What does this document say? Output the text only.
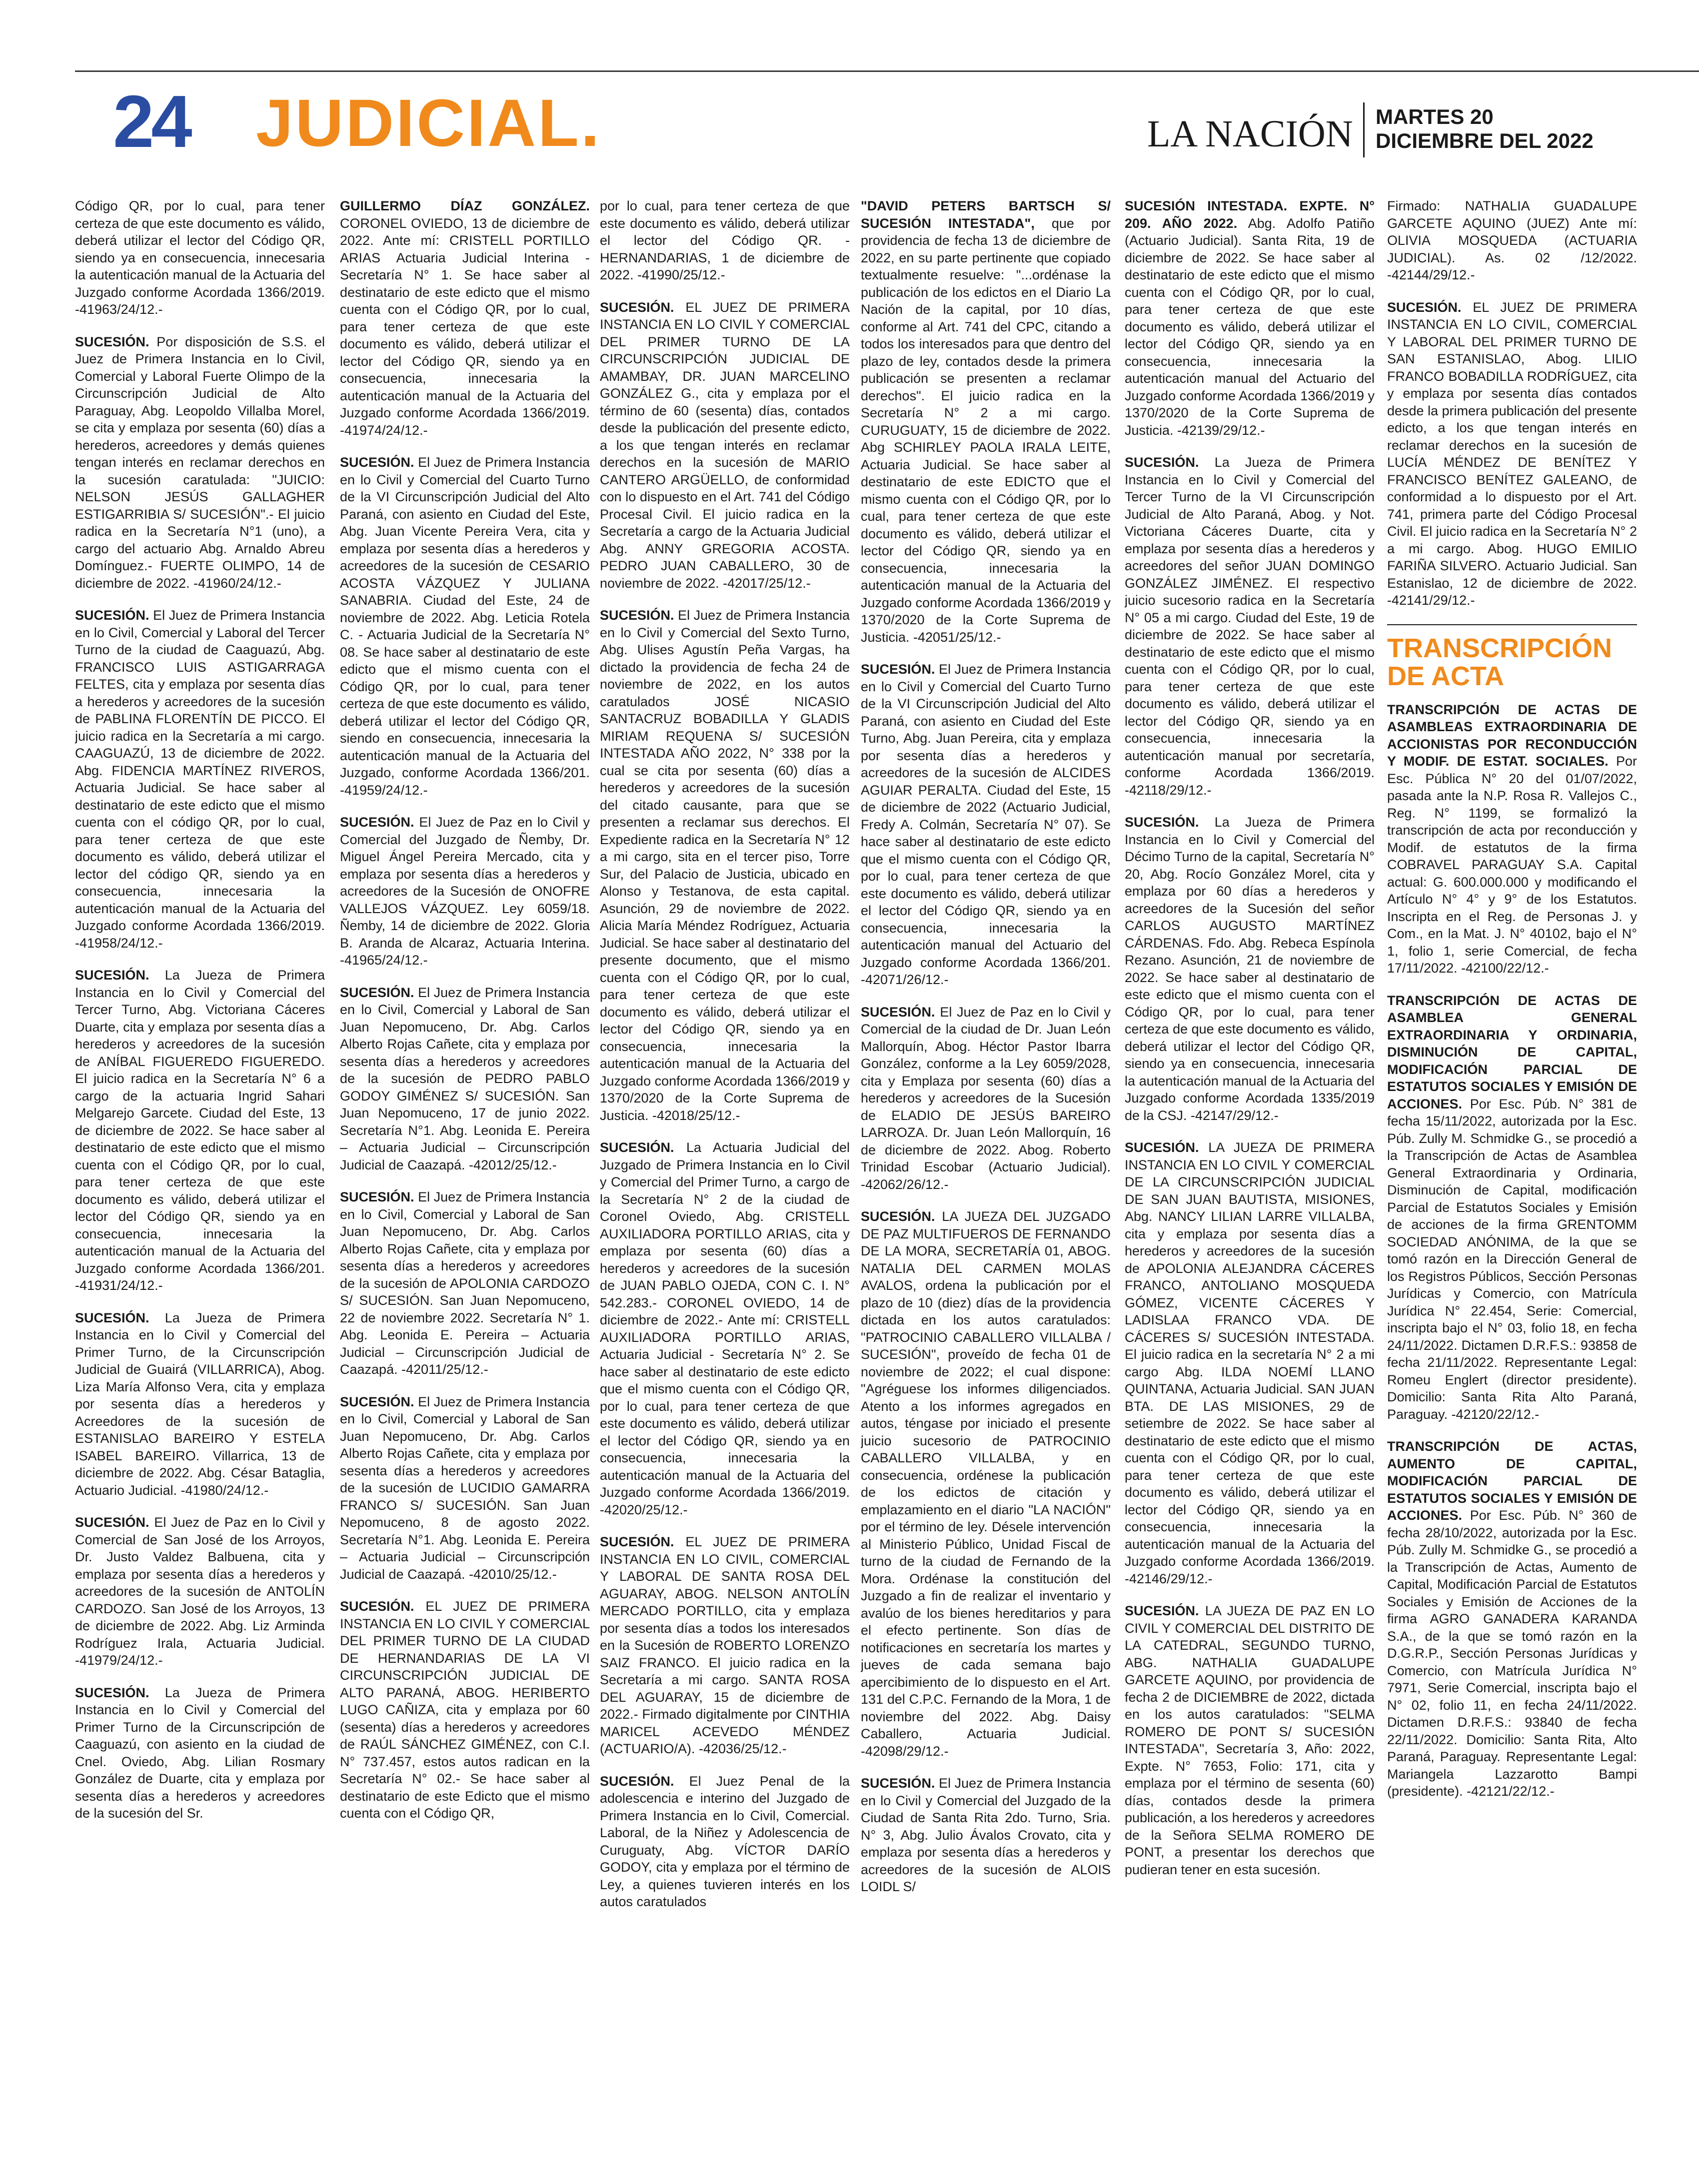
24 JUDICIAL.	LA NACIÓN MARTES 20
DICIEMBRE DEL 2022

Código QR, por lo cual, para tener certeza de que este documento es válido, deberá utilizar el lector del Código QR, siendo ya en consecuencia, innecesaria la autenticación manual de la Actuaria del Juzgado conforme Acordada 1366/2019. -41963/24/12.-

SUCESIÓN. Por disposición de S.S. el Juez de Primera Instancia en lo Civil, Comercial y Laboral Fuerte Olimpo de la Circunscripción Judicial de Alto Paraguay, Abg. Leopoldo Villalba Morel, se cita y emplaza por sesenta (60) días a herederos, acreedores y demás quienes tengan interés en reclamar derechos en la sucesión caratulada: "JUICIO: NELSON JESÚS GALLAGHER ESTIGARRIBIA S/ SUCESIÓN".- El juicio radica en la Secretaría N°1 (uno), a cargo del actuario Abg. Arnaldo Abreu Domínguez.- FUERTE OLIMPO, 14 de diciembre de 2022. -41960/24/12.-

SUCESIÓN. El Juez de Primera Instancia en lo Civil, Comercial y Laboral del Tercer Turno de la ciudad de Caaguazú, Abg. FRANCISCO LUIS ASTIGARRAGA FELTES, cita y emplaza por sesenta días a herederos y acreedores de la sucesión de PABLINA FLORENTÍN DE PICCO. El juicio radica en la Secretaría a mi cargo. CAAGUAZÚ, 13 de diciembre de 2022. Abg. FIDENCIA MARTÍNEZ RIVEROS, Actuaria Judicial. Se hace saber al destinatario de este edicto que el mismo cuenta con el código QR, por lo cual, para tener certeza de que este documento es válido, deberá utilizar el lector del código QR, siendo ya en consecuencia, innecesaria la autenticación manual de la Actuaria del Juzgado conforme Acordada 1366/2019. -41958/24/12.-

SUCESIÓN. La Jueza de Primera Instancia en lo Civil y Comercial del Tercer Turno, Abg. Victoriana Cáceres Duarte, cita y emplaza por sesenta días a herederos y acreedores de la sucesión de ANÍBAL FIGUEREDO FIGUEREDO. El juicio radica en la Secretaría N° 6 a cargo de la actuaria Ingrid Sahari Melgarejo Garcete. Ciudad del Este, 13 de diciembre de 2022. Se hace saber al destinatario de este edicto que el mismo cuenta con el Código QR, por lo cual, para tener certeza de que este documento es válido, deberá utilizar el lector del Código QR, siendo ya en consecuencia, innecesaria la autenticación manual de la Actuaria del Juzgado conforme Acordada 1366/201. -41931/24/12.-

SUCESIÓN. La Jueza de Primera Instancia en lo Civil y Comercial del Primer Turno, de la Circunscripción Judicial de Guairá (VILLARRICA), Abog. Liza María Alfonso Vera, cita y emplaza por sesenta días a herederos y Acreedores de la sucesión de ESTANISLAO BAREIRO Y ESTELA ISABEL BAREIRO. Villarrica, 13 de diciembre de 2022. Abg. César Bataglia, Actuario Judicial. -41980/24/12.-

SUCESIÓN. El Juez de Paz en lo Civil y Comercial de San José de los Arroyos, Dr. Justo Valdez Balbuena, cita y emplaza por sesenta días a herederos y acreedores de la sucesión de ANTOLÍN CARDOZO. San José de los Arroyos, 13 de diciembre de 2022. Abg. Liz Arminda Rodríguez Irala, Actuaria Judicial. -41979/24/12.-

SUCESIÓN. La Jueza de Primera Instancia en lo Civil y Comercial del Primer Turno de la Circunscripción de Caaguazú, con asiento en la ciudad de Cnel. Oviedo, Abg. Lilian Rosmary González de Duarte, cita y emplaza por sesenta días a herederos y acreedores de la sucesión del Sr.

GUILLERMO DÍAZ GONZÁLEZ. CORONEL OVIEDO, 13 de diciembre de 2022. Ante mí: CRISTELL PORTILLO ARIAS Actuaria Judicial Interina - Secretaría N° 1. Se hace saber al destinatario de este edicto que el mismo cuenta con el Código QR, por lo cual, para tener certeza de que este documento es válido, deberá utilizar el lector del Código QR, siendo ya en consecuencia, innecesaria la autenticación manual de la Actuaria del Juzgado conforme Acordada 1366/2019. -41974/24/12.-

SUCESIÓN. El Juez de Primera Instancia en lo Civil y Comercial del Cuarto Turno de la VI Circunscripción Judicial del Alto Paraná, con asiento en Ciudad del Este, Abg. Juan Vicente Pereira Vera, cita y emplaza por sesenta días a herederos y acreedores de la sucesión de CESARIO ACOSTA VÁZQUEZ Y JULIANA SANABRIA. Ciudad del Este, 24 de noviembre de 2022. Abg. Leticia Rotela C. - Actuaria Judicial de la Secretaría N° 08. Se hace saber al destinatario de este edicto que el mismo cuenta con el Código QR, por lo cual, para tener certeza de que este documento es válido, deberá utilizar el lector del Código QR, siendo en consecuencia, innecesaria la autenticación manual de la Actuaria del Juzgado, conforme Acordada 1366/201. -41959/24/12.-

SUCESIÓN. El Juez de Paz en lo Civil y Comercial del Juzgado de Ñemby, Dr. Miguel Ángel Pereira Mercado, cita y emplaza por sesenta días a herederos y acreedores de la Sucesión de ONOFRE VALLEJOS VÁZQUEZ. Ley 6059/18. Ñemby, 14 de diciembre de 2022. Gloria B. Aranda de Alcaraz, Actuaria Interina. -41965/24/12.-

SUCESIÓN. El Juez de Primera Instancia en lo Civil, Comercial y Laboral de San Juan Nepomuceno, Dr. Abg. Carlos Alberto Rojas Cañete, cita y emplaza por sesenta días a herederos y acreedores de la sucesión de PEDRO PABLO GODOY GIMÉNEZ S/ SUCESIÓN. San Juan Nepomuceno, 17 de junio 2022. Secretaría N°1. Abg. Leonida E. Pereira – Actuaria Judicial – Circunscripción Judicial de Caazapá. -42012/25/12.-

SUCESIÓN. El Juez de Primera Instancia en lo Civil, Comercial y Laboral de San Juan Nepomuceno, Dr. Abg. Carlos Alberto Rojas Cañete, cita y emplaza por sesenta días a herederos y acreedores de la sucesión de APOLONIA CARDOZO S/ SUCESIÓN. San Juan Nepomuceno, 22 de noviembre 2022. Secretaría N° 1. Abg. Leonida E. Pereira – Actuaria Judicial – Circunscripción Judicial de Caazapá. -42011/25/12.-

SUCESIÓN. El Juez de Primera Instancia en lo Civil, Comercial y Laboral de San Juan Nepomuceno, Dr. Abg. Carlos Alberto Rojas Cañete, cita y emplaza por sesenta días a herederos y acreedores de la sucesión de LUCIDIO GAMARRA FRANCO S/ SUCESIÓN. San Juan Nepomuceno, 8 de agosto 2022. Secretaría N°1. Abg. Leonida E. Pereira – Actuaria Judicial – Circunscripción Judicial de Caazapá. -42010/25/12.-

SUCESIÓN. EL JUEZ DE PRIMERA INSTANCIA EN LO CIVIL Y COMERCIAL DEL PRIMER TURNO DE LA CIUDAD DE HERNANDARIAS DE LA VI CIRCUNSCRIPCIÓN JUDICIAL DE ALTO PARANÁ, ABOG. HERIBERTO LUGO CAÑIZA, cita y emplaza por 60 (sesenta) días a herederos y acreedores de RAÚL SÁNCHEZ GIMÉNEZ, con C.I. N° 737.457, estos autos radican en la Secretaría N° 02.- Se hace saber al destinatario de este Edicto que el mismo cuenta con el Código QR,

por lo cual, para tener certeza de que este documento es válido, deberá utilizar el lector del Código QR. -HERNANDARIAS, 1 de diciembre de 2022. -41990/25/12.-

SUCESIÓN. EL JUEZ DE PRIMERA INSTANCIA EN LO CIVIL Y COMERCIAL DEL PRIMER TURNO DE LA CIRCUNSCRIPCIÓN JUDICIAL DE AMAMBAY, DR. JUAN MARCELINO GONZÁLEZ G., cita y emplaza por el término de 60 (sesenta) días, contados desde la publicación del presente edicto, a los que tengan interés en reclamar derechos en la sucesión de MARIO CANTERO ARGÜELLO, de conformidad con lo dispuesto en el Art. 741 del Código Procesal Civil. El juicio radica en la Secretaría a cargo de la Actuaria Judicial Abg. ANNY GREGORIA ACOSTA. PEDRO JUAN CABALLERO, 30 de noviembre de 2022. -42017/25/12.-

SUCESIÓN. El Juez de Primera Instancia en lo Civil y Comercial del Sexto Turno, Abg. Ulises Agustín Peña Vargas, ha dictado la providencia de fecha 24 de noviembre de 2022, en los autos caratulados JOSÉ NICASIO SANTACRUZ BOBADILLA Y GLADIS MIRIAM REQUENA S/ SUCESIÓN INTESTADA AÑO 2022, N° 338 por la cual se cita por sesenta (60) días a herederos y acreedores de la sucesión del citado causante, para que se presenten a reclamar sus derechos. El Expediente radica en la Secretaría N° 12 a mi cargo, sita en el tercer piso, Torre Sur, del Palacio de Justicia, ubicado en Alonso y Testanova, de esta capital. Asunción, 29 de noviembre de 2022. Alicia María Méndez Rodríguez, Actuaria Judicial. Se hace saber al destinatario del presente documento, que el mismo cuenta con el Código QR, por lo cual, para tener certeza de que este documento es válido, deberá utilizar el lector del Código QR, siendo ya en consecuencia, innecesaria la autenticación manual de la Actuaria del Juzgado conforme Acordada 1366/2019 y 1370/2020 de la Corte Suprema de Justicia. -42018/25/12.-

SUCESIÓN. La Actuaria Judicial del Juzgado de Primera Instancia en lo Civil y Comercial del Primer Turno, a cargo de la Secretaría N° 2 de la ciudad de Coronel Oviedo, Abg. CRISTELL AUXILIADORA PORTILLO ARIAS, cita y emplaza por sesenta (60) días a herederos y acreedores de la sucesión de JUAN PABLO OJEDA, CON C. I. N° 542.283.- CORONEL OVIEDO, 14 de diciembre de 2022.- Ante mí: CRISTELL AUXILIADORA PORTILLO ARIAS, Actuaria Judicial - Secretaría N° 2. Se hace saber al destinatario de este edicto que el mismo cuenta con el Código QR, por lo cual, para tener certeza de que este documento es válido, deberá utilizar el lector del Código QR, siendo ya en consecuencia, innecesaria la autenticación manual de la Actuaria del Juzgado conforme Acordada 1366/2019. -42020/25/12.-

SUCESIÓN. EL JUEZ DE PRIMERA INSTANCIA EN LO CIVIL, COMERCIAL Y LABORAL DE SANTA ROSA DEL AGUARAY, ABOG. NELSON ANTOLÍN MERCADO PORTILLO, cita y emplaza por sesenta días a todos los interesados en la Sucesión de ROBERTO LORENZO SAIZ FRANCO. El juicio radica en la Secretaría a mi cargo. SANTA ROSA DEL AGUARAY, 15 de diciembre de 2022.- Firmado digitalmente por CINTHIA MARICEL ACEVEDO MÉNDEZ (ACTUARIO/A). -42036/25/12.-

SUCESIÓN. El Juez Penal de la adolescencia e interino del Juzgado de Primera Instancia en lo Civil, Comercial. Laboral, de la Niñez y Adolescencia de Curuguaty, Abg. VÍCTOR DARÍO GODOY, cita y emplaza por el término de Ley, a quienes tuvieren interés en los autos caratulados

"DAVID PETERS BARTSCH S/ SUCESIÓN INTESTADA", que por providencia de fecha 13 de diciembre de 2022, en su parte pertinente que copiado textualmente resuelve: "...ordénase la publicación de los edictos en el Diario La Nación de la capital, por 10 días, conforme al Art. 741 del CPC, citando a todos los interesados para que dentro del plazo de ley, contados desde la primera publicación se presenten a reclamar derechos". El juicio radica en la Secretaría N° 2 a mi cargo. CURUGUATY, 15 de diciembre de 2022. Abg SCHIRLEY PAOLA IRALA LEITE, Actuaria Judicial. Se hace saber al destinatario de este EDICTO que el mismo cuenta con el Código QR, por lo cual, para tener certeza de que este documento es válido, deberá utilizar el lector del Código QR, siendo ya en consecuencia, innecesaria la autenticación manual de la Actuaria del Juzgado conforme Acordada 1366/2019 y 1370/2020 de la Corte Suprema de Justicia. -42051/25/12.-

SUCESIÓN. El Juez de Primera Instancia en lo Civil y Comercial del Cuarto Turno de la VI Circunscripción Judicial del Alto Paraná, con asiento en Ciudad del Este Turno, Abg. Juan Pereira, cita y emplaza por sesenta días a herederos y acreedores de la sucesión de ALCIDES AGUIAR PERALTA. Ciudad del Este, 15 de diciembre de 2022 (Actuario Judicial, Fredy A. Colmán, Secretaría N° 07). Se hace saber al destinatario de este edicto que el mismo cuenta con el Código QR, por lo cual, para tener certeza de que este documento es válido, deberá utilizar el lector del Código QR, siendo ya en consecuencia, innecesaria la autenticación manual del Actuario del Juzgado conforme Acordada 1366/201. -42071/26/12.-

SUCESIÓN. El Juez de Paz en lo Civil y Comercial de la ciudad de Dr. Juan León Mallorquín, Abog. Héctor Pastor Ibarra González, conforme a la Ley 6059/2028, cita y Emplaza por sesenta (60) días a herederos y acreedores de la Sucesión de ELADIO DE JESÚS BAREIRO LARROZA. Dr. Juan León Mallorquín, 16 de diciembre de 2022. Abog. Roberto Trinidad Escobar (Actuario Judicial). -42062/26/12.-

SUCESIÓN. LA JUEZA DEL JUZGADO DE PAZ MULTIFUEROS DE FERNANDO DE LA MORA, SECRETARÍA 01, ABOG. NATALIA DEL CARMEN MOLAS AVALOS, ordena la publicación por el plazo de 10 (diez) días de la providencia dictada en los autos caratulados: "PATROCINIO CABALLERO VILLALBA / SUCESIÓN", proveído de fecha 01 de noviembre de 2022; el cual dispone: "Agréguese los informes diligenciados. Atento a los informes agregados en autos, téngase por iniciado el presente juicio sucesorio de PATROCINIO CABALLERO VILLALBA, y en consecuencia, ordénese la publicación de los edictos de citación y emplazamiento en el diario "LA NACIÓN" por el término de ley. Désele intervención al Ministerio Público, Unidad Fiscal de turno de la ciudad de Fernando de la Mora. Ordénase la constitución del Juzgado a fin de realizar el inventario y avalúo de los bienes hereditarios y para el efecto pertinente. Son días de notificaciones en secretaría los martes y jueves de cada semana bajo apercibimiento de lo dispuesto en el Art. 131 del C.P.C. Fernando de la Mora, 1 de noviembre del 2022. Abg. Daisy Caballero, Actuaria Judicial. -42098/29/12.-

SUCESIÓN. El Juez de Primera Instancia en lo Civil y Comercial del Juzgado de la Ciudad de Santa Rita 2do. Turno, Sria. N° 3, Abg. Julio Ávalos Crovato, cita y emplaza por sesenta días a herederos y acreedores de la sucesión de ALOIS LOIDL S/

SUCESIÓN INTESTADA. EXPTE. N° 209. AÑO 2022. Abg. Adolfo Patiño (Actuario Judicial). Santa Rita, 19 de diciembre de 2022. Se hace saber al destinatario de este edicto que el mismo cuenta con el Código QR, por lo cual, para tener certeza de que este documento es válido, deberá utilizar el lector del Código QR, siendo ya en consecuencia, innecesaria la autenticación manual del Actuario del Juzgado conforme Acordada 1366/2019 y 1370/2020 de la Corte Suprema de Justicia. -42139/29/12.-

SUCESIÓN. La Jueza de Primera Instancia en lo Civil y Comercial del Tercer Turno de la VI Circunscripción Judicial de Alto Paraná, Abog. y Not. Victoriana Cáceres Duarte, cita y emplaza por sesenta días a herederos y acreedores del señor JUAN DOMINGO GONZÁLEZ JIMÉNEZ. El respectivo juicio sucesorio radica en la Secretaría N° 05 a mi cargo. Ciudad del Este, 19 de diciembre de 2022. Se hace saber al destinatario de este edicto que el mismo cuenta con el Código QR, por lo cual, para tener certeza de que este documento es válido, deberá utilizar el lector del Código QR, siendo ya en consecuencia, innecesaria la autenticación manual por secretaría, conforme Acordada 1366/2019. -42118/29/12.-

SUCESIÓN. La Jueza de Primera Instancia en lo Civil y Comercial del Décimo Turno de la capital, Secretaría N° 20, Abg. Rocío González Morel, cita y emplaza por 60 días a herederos y acreedores de la Sucesión del señor CARLOS AUGUSTO MARTÍNEZ CÁRDENAS. Fdo. Abg. Rebeca Espínola Rezano. Asunción, 21 de noviembre de 2022. Se hace saber al destinatario de este edicto que el mismo cuenta con el Código QR, por lo cual, para tener certeza de que este documento es válido, deberá utilizar el lector del Código QR, siendo ya en consecuencia, innecesaria la autenticación manual de la Actuaria del Juzgado conforme Acordada 1335/2019 de la CSJ. -42147/29/12.-

SUCESIÓN. LA JUEZA DE PRIMERA INSTANCIA EN LO CIVIL Y COMERCIAL DE LA CIRCUNSCRIPCIÓN JUDICIAL DE SAN JUAN BAUTISTA, MISIONES, Abg. NANCY LILIAN LARRE VILLALBA, cita y emplaza por sesenta días a herederos y acreedores de la sucesión de APOLONIA ALEJANDRA CÁCERES FRANCO, ANTOLIANO MOSQUEDA GÓMEZ, VICENTE CÁCERES Y LADISLAA FRANCO VDA. DE CÁCERES S/ SUCESIÓN INTESTADA. El juicio radica en la secretaría N° 2 a mi cargo Abg. ILDA NOEMÍ LLANO QUINTANA, Actuaria Judicial. SAN JUAN BTA. DE LAS MISIONES, 29 de setiembre de 2022. Se hace saber al destinatario de este edicto que el mismo cuenta con el Código QR, por lo cual, para tener certeza de que este documento es válido, deberá utilizar el lector del Código QR, siendo ya en consecuencia, innecesaria la autenticación manual de la Actuaria del Juzgado conforme Acordada 1366/2019. -42146/29/12.-

SUCESIÓN. LA JUEZA DE PAZ EN LO CIVIL Y COMERCIAL DEL DISTRITO DE LA CATEDRAL, SEGUNDO TURNO, ABG. NATHALIA GUADALUPE GARCETE AQUINO, por providencia de fecha 2 de DICIEMBRE de 2022, dictada en los autos caratulados: "SELMA ROMERO DE PONT S/ SUCESIÓN INTESTADA", Secretaría 3, Año: 2022, Expte. N° 7653, Folio: 171, cita y emplaza por el término de sesenta (60) días, contados desde la primera publicación, a los herederos y acreedores de la Señora SELMA ROMERO DE PONT, a presentar los derechos que pudieran tener en esta sucesión.

Firmado: NATHALIA GUADALUPE GARCETE AQUINO (JUEZ) Ante mí: OLIVIA MOSQUEDA (ACTUARIA JUDICIAL). As. 02 /12/2022. -42144/29/12.-

SUCESIÓN. EL JUEZ DE PRIMERA INSTANCIA EN LO CIVIL, COMERCIAL Y LABORAL DEL PRIMER TURNO DE SAN ESTANISLAO, Abog. LILIO FRANCO BOBADILLA RODRÍGUEZ, cita y emplaza por sesenta días contados desde la primera publicación del presente edicto, a los que tengan interés en reclamar derechos en la sucesión de LUCÍA MÉNDEZ DE BENÍTEZ Y FRANCISCO BENÍTEZ GALEANO, de conformidad a lo dispuesto por el Art. 741, primera parte del Código Procesal Civil. El juicio radica en la Secretaría N° 2 a mi cargo. Abog. HUGO EMILIO FARIÑA SILVERO. Actuario Judicial. San Estanislao, 12 de diciembre de 2022. -42141/29/12.-

TRANSCRIPCIÓN DE ACTA

TRANSCRIPCIÓN DE ACTAS DE ASAMBLEAS EXTRAORDINARIA DE ACCIONISTAS POR RECONDUCCIÓN Y MODIF. DE ESTAT. SOCIALES. Por Esc. Pública N° 20 del 01/07/2022, pasada ante la N.P. Rosa R. Vallejos C., Reg. N° 1199, se formalizó la transcripción de acta por reconducción y Modif. de estatutos de la firma COBRAVEL PARAGUAY S.A. Capital actual: G. 600.000.000 y modificando el Artículo N° 4° y 9° de los Estatutos. Inscripta en el Reg. de Personas J. y Com., en la Mat. J. N° 40102, bajo el N° 1, folio 1, serie Comercial, de fecha 17/11/2022. -42100/22/12.-

TRANSCRIPCIÓN DE ACTAS DE ASAMBLEA GENERAL EXTRAORDINARIA Y ORDINARIA, DISMINUCIÓN DE CAPITAL, MODIFICACIÓN PARCIAL DE ESTATUTOS SOCIALES Y EMISIÓN DE ACCIONES. Por Esc. Púb. N° 381 de fecha 15/11/2022, autorizada por la Esc. Púb. Zully M. Schmidke G., se procedió a la Transcripción de Actas de Asamblea General Extraordinaria y Ordinaria, Disminución de Capital, modificación Parcial de Estatutos Sociales y Emisión de acciones de la firma GRENTOMM SOCIEDAD ANÓNIMA, de la que se tomó razón en la Dirección General de los Registros Públicos, Sección Personas Jurídicas y Comercio, con Matrícula Jurídica N° 22.454, Serie: Comercial, inscripta bajo el N° 03, folio 18, en fecha 24/11/2022. Dictamen D.R.F.S.: 93858 de fecha 21/11/2022. Representante Legal: Romeu Englert (director presidente). Domicilio: Santa Rita Alto Paraná, Paraguay. -42120/22/12.-

TRANSCRIPCIÓN DE ACTAS, AUMENTO DE CAPITAL, MODIFICACIÓN PARCIAL DE ESTATUTOS SOCIALES Y EMISIÓN DE ACCIONES. Por Esc. Púb. N° 360 de fecha 28/10/2022, autorizada por la Esc. Púb. Zully M. Schmidke G., se procedió a la Transcripción de Actas, Aumento de Capital, Modificación Parcial de Estatutos Sociales y Emisión de Acciones de la firma AGRO GANADERA KARANDA S.A., de la que se tomó razón en la D.G.R.P., Sección Personas Jurídicas y Comercio, con Matrícula Jurídica N° 7971, Serie Comercial, inscripta bajo el N° 02, folio 11, en fecha 24/11/2022. Dictamen D.R.F.S.: 93840 de fecha 22/11/2022. Domicilio: Santa Rita, Alto Paraná, Paraguay. Representante Legal: Mariangela Lazzarotto Bampi (presidente). -42121/22/12.-
